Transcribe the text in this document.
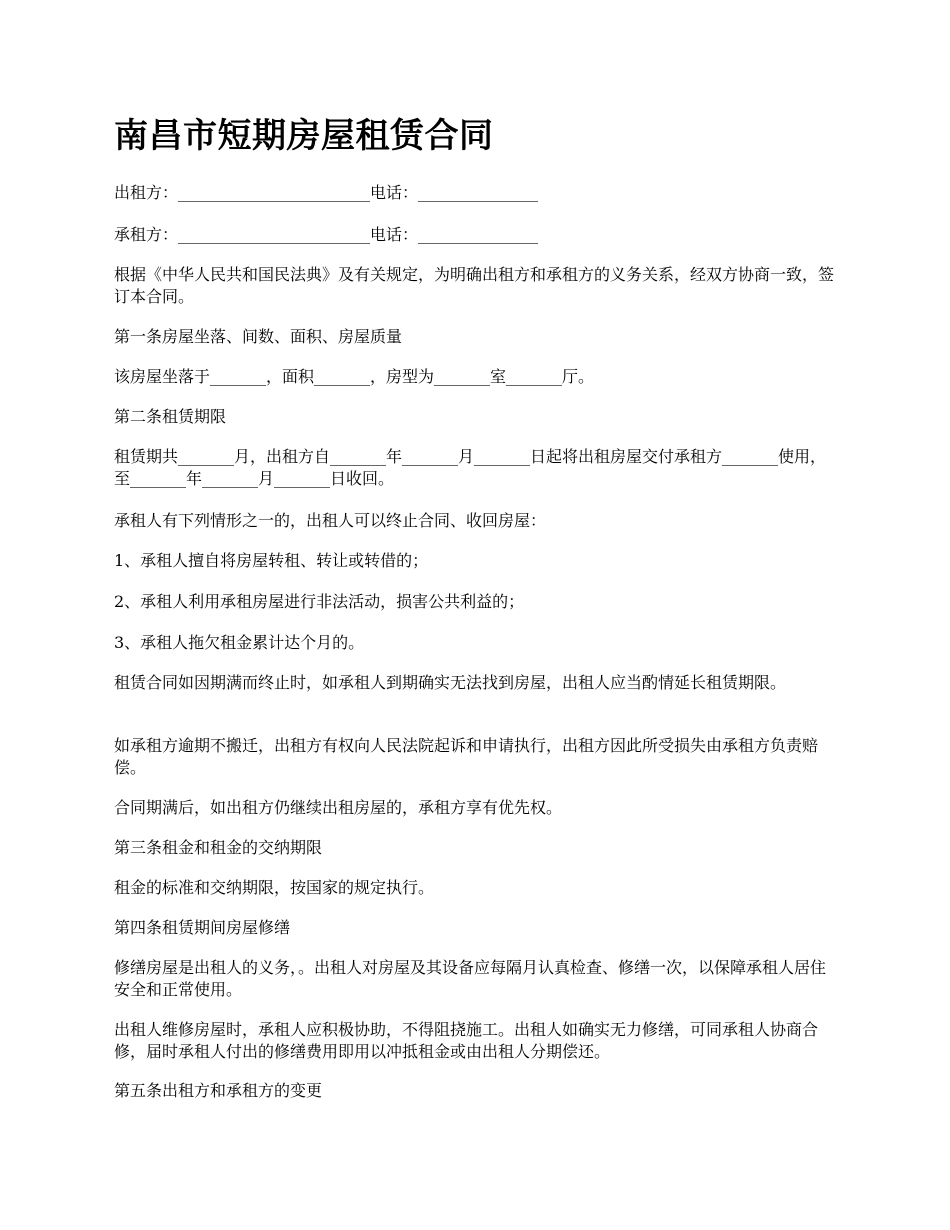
南昌市短期房屋租赁合同

出租方：________________________电话：_______________

承租方：________________________电话：_______________

根据《中华人民共和国民法典》及有关规定，为明确出租方和承租方的义务关系，经双方协商一致，签订本合同。

第一条房屋坐落、间数、面积、房屋质量

该房屋坐落于_______，面积_______，房型为_______室_______厅。

第二条租赁期限

租赁期共_______月，出租方自_______年_______月_______日起将出租房屋交付承租方_______使用，至_______年_______月_______日收回。

承租人有下列情形之一的，出租人可以终止合同、收回房屋：

1、承租人擅自将房屋转租、转让或转借的；

2、承租人利用承租房屋进行非法活动，损害公共利益的；

3、承租人拖欠租金累计达个月的。

租赁合同如因期满而终止时，如承租人到期确实无法找到房屋，出租人应当酌情延长租赁期限。

如承租方逾期不搬迁，出租方有权向人民法院起诉和申请执行，出租方因此所受损失由承租方负责赔偿。

合同期满后，如出租方仍继续出租房屋的，承租方享有优先权。

第三条租金和租金的交纳期限

租金的标准和交纳期限，按国家的规定执行。

第四条租赁期间房屋修缮

修缮房屋是出租人的义务，。出租人对房屋及其设备应每隔月认真检查、修缮一次，以保障承租人居住安全和正常使用。

出租人维修房屋时，承租人应积极协助，不得阻挠施工。出租人如确实无力修缮，可同承租人协商合修，届时承租人付出的修缮费用即用以冲抵租金或由出租人分期偿还。

第五条出租方和承租方的变更
